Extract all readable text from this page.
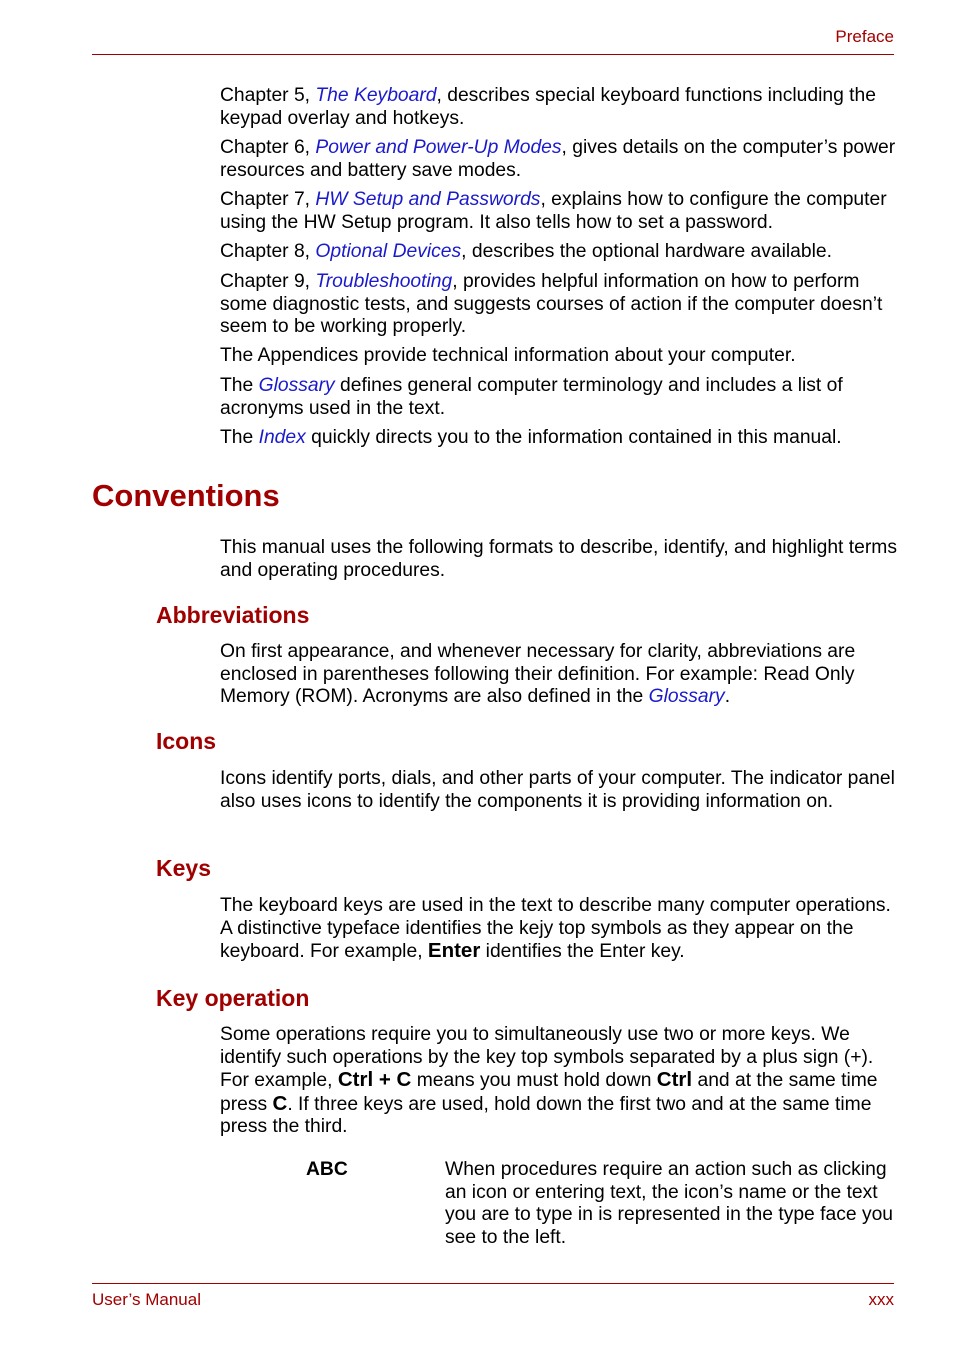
Preface

Chapter 5, The Keyboard, describes special keyboard functions including the keypad overlay and hotkeys.

Chapter 6, Power and Power-Up Modes, gives details on the computer’s power resources and battery save modes.

Chapter 7, HW Setup and Passwords, explains how to configure the computer using the HW Setup program. It also tells how to set a password.

Chapter 8, Optional Devices, describes the optional hardware available.

Chapter 9, Troubleshooting, provides helpful information on how to perform some diagnostic tests, and suggests courses of action if the computer doesn’t seem to be working properly.

The Appendices provide technical information about your computer.

The Glossary defines general computer terminology and includes a list of acronyms used in the text.

The Index quickly directs you to the information contained in this manual.

Conventions

This manual uses the following formats to describe, identify, and highlight terms and operating procedures.

Abbreviations

On first appearance, and whenever necessary for clarity, abbreviations are enclosed in parentheses following their definition. For example: Read Only Memory (ROM). Acronyms are also defined in the Glossary.

Icons

Icons identify ports, dials, and other parts of your computer. The indicator panel also uses icons to identify the components it is providing information on.

Keys

The keyboard keys are used in the text to describe many computer operations. A distinctive typeface identifies the kejy top symbols as they appear on the keyboard. For example, Enter identifies the Enter key.

Key operation

Some operations require you to simultaneously use two or more keys. We identify such operations by the key top symbols separated by a plus sign (+). For example, Ctrl + C means you must hold down Ctrl and at the same time press C. If three keys are used, hold down the first two and at the same time press the third.

ABC	When procedures require an action such as clicking an icon or entering text, the icon’s name or the text you are to type in is represented in the type face you see to the left.

User’s Manual	xxx
